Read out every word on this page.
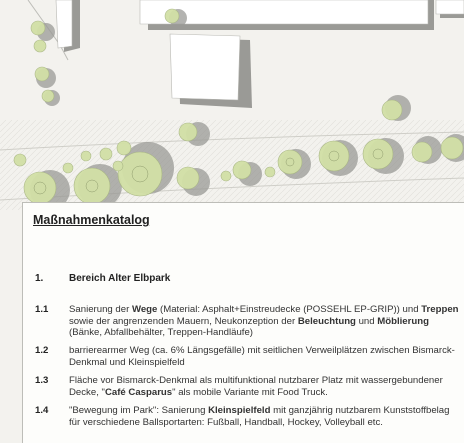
Maßnahmenkatalog
1.	Bereich Alter Elbpark
1.1 Sanierung der Wege (Material: Asphalt+Einstreudecke (POSSEHL EP-GRIP)) und Treppen sowie der angrenzenden Mauern, Neukonzeption der Beleuchtung und Möblierung (Bänke, Abfallbehälter, Treppen-Handläufe)
1.2 barrierearmer Weg (ca. 6% Längsgefälle) mit seitlichen Verweilplätzen zwischen Bismarck-Denkmal und Kleinspielfeld
1.3 Fläche vor Bismarck-Denkmal als multifunktional nutzbarer Platz mit wassergebundener Decke, "Café Casparus" als mobile Variante mit Food Truck.
1.4 "Bewegung im Park": Sanierung Kleinspielfeld mit ganzjährig nutzbarem Kunststoffbelag für verschiedene Ballsportarten: Fußball, Handball, Hockey, Volleyball etc.
